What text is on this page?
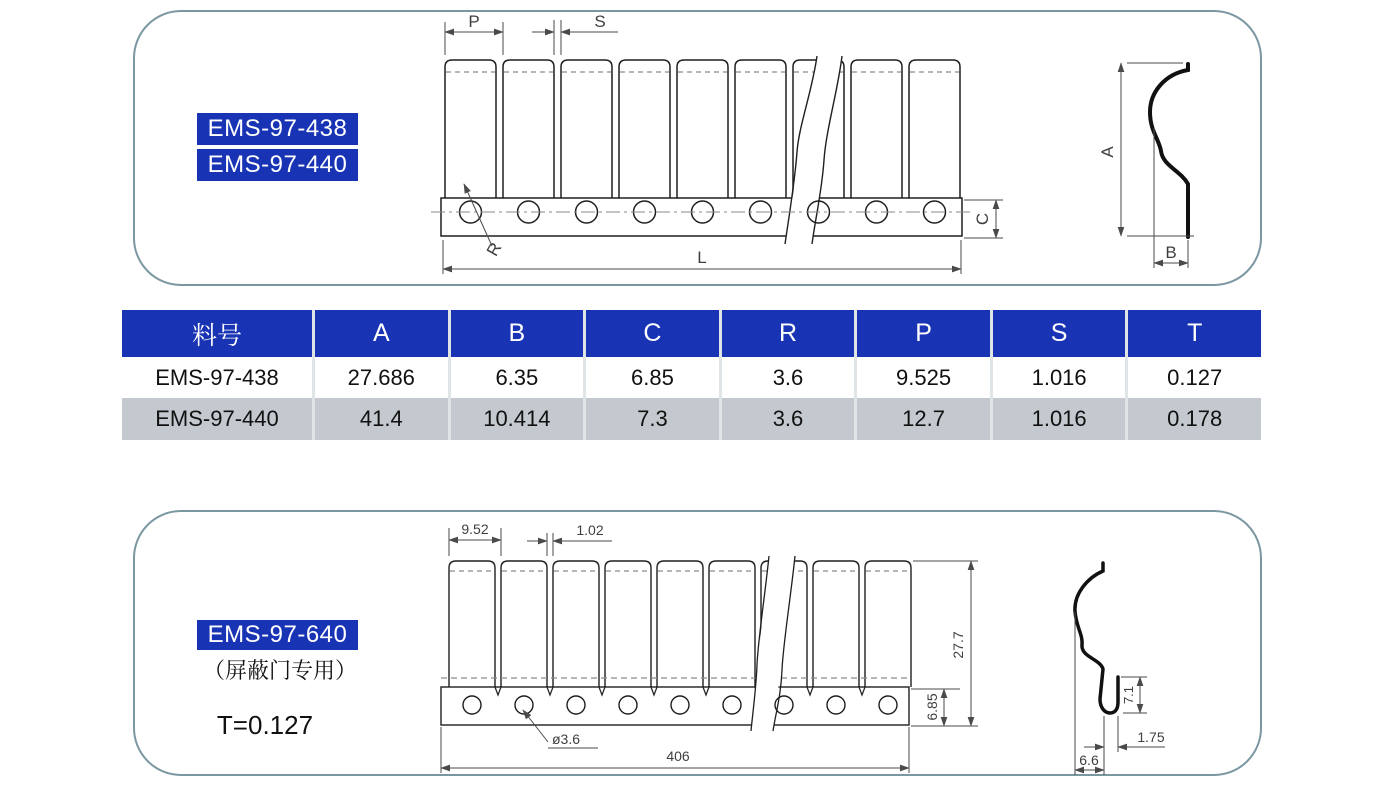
EMS-97-438
EMS-97-440
EMS-97-640
（屏蔽门专用）
T=0.127
料号	A	B	C	R	P	S	T
EMS-97-438	27.686	6.35	6.85	3.6	9.525	1.016	0.127
EMS-97-440	41.4	10.414	7.3	3.6	12.7	1.016	0.178
P	S
C
L
R
A
B
9.52	1.02
27.7
6.85
ø3.6
406
7.1
1.75
6.6
